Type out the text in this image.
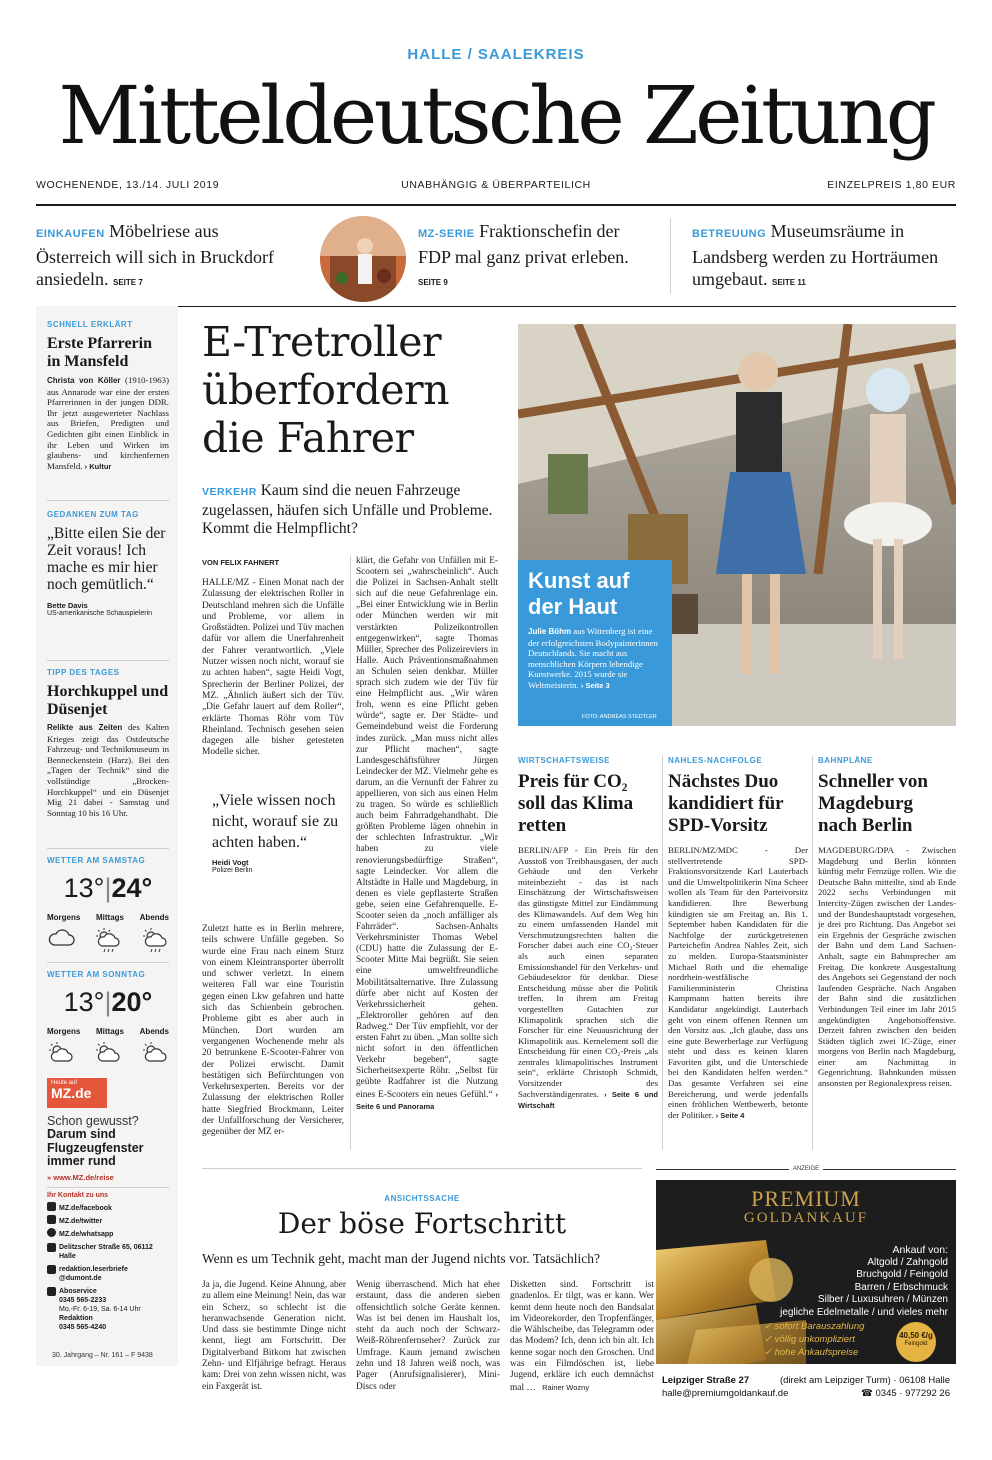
HALLE / SAALEKREIS
Mitteldeutsche Zeitung
WOCHENENDE, 13./14. JULI 2019	UNABHÄNGIG & ÜBERPARTEILICH	EINZELPREIS 1,80 EUR
EINKAUFEN Möbelriese aus Österreich will sich in Bruckdorf ansiedeln. SEITE 7
MZ-SERIE Fraktionschefin der FDP mal ganz privat erleben. SEITE 9
BETREUUNG Museumsräume in Landsberg werden zu Horträumen umgebaut. SEITE 11
SCHNELL ERKLÄRT
Erste Pfarrerin in Mansfeld
Christa von Köller (1910-1963) aus Annarode war eine der ersten Pfarrerinnen in der jungen DDR. Ihr jetzt ausgewerteter Nachlass aus Briefen, Predigten und Gedichten gibt einen Einblick in ihr Leben und Wirken im glaubens- und kirchenfernen Mansfeld. › Kultur
GEDANKEN ZUM TAG
„Bitte eilen Sie der Zeit voraus! Ich mache es mir hier noch gemütlich.“
Bette Davis
US-amerikanische Schauspielerin
TIPP DES TAGES
Horchkuppel und Düsenjet
Relikte aus Zeiten des Kalten Krieges zeigt das Ostdeutsche Fahrzeug- und Technikmuseum in Benneckenstein (Harz). Bei den „Tagen der Technik“ sind die vollständige „Brocken-Horchkuppel“ und ein Düsenjet Mig 21 dabei - Samstag und Sonntag 10 bis 16 Uhr.
WETTER AM SAMSTAG
13°|24°
Morgens Mittags Abends
WETTER AM SONNTAG
13°|20°
Morgens Mittags Abends
Heute auf
MZ.de
Schon gewusst?
Darum sind Flugzeugfenster immer rund
» www.MZ.de/reise
Ihr Kontakt zu uns
MZ.de/facebook
MZ.de/twitter
MZ.de/whatsapp
Delitzscher Straße 65, 06112 Halle
redaktion.leserbriefe @dumont.de
Aboservice
0345 565-2233
Mo.-Fr. 6-19, Sa. 6-14 Uhr
Redaktion
0345 565-4240
30. Jahrgang – Nr. 161 – F 9438
E-Tretroller überfordern die Fahrer
VERKEHR Kaum sind die neuen Fahrzeuge zugelassen, häufen sich Unfälle und Probleme. Kommt die Helmpflicht?
VON FELIX FAHNERT
HALLE/MZ - Einen Monat nach der Zulassung der elektrischen Roller in Deutschland mehren sich die Unfälle und Probleme, vor allem in Großstädten. Polizei und Tüv machen dafür vor allem die Unerfahrenheit der Fahrer verantwortlich. „Viele Nutzer wissen noch nicht, worauf sie zu achten haben“, sagte Heidi Vogt, Sprecherin der Berliner Polizei, der MZ. „Ähnlich äußert sich der Tüv. „Die Gefahr lauert auf dem Roller“, erklärte Thomas Röhr vom Tüv Rheinland. Technisch gesehen seien dagegen alle bisher getesteten Modelle sicher.
„Viele wissen noch nicht, worauf sie zu achten haben.“
Heidi Vogt
Polizei Berlin
Zuletzt hatte es in Berlin mehrere, teils schwere Unfälle gegeben. So wurde eine Frau nach einem Sturz von einem Kleintransporter überrollt und schwer verletzt. In einem weiteren Fall war eine Touristin gegen einen Lkw gefahren und hatte sich das Schienbein gebrochen. Probleme gibt es aber auch in München. Dort wurden am vergangenen Wochenende mehr als 20 betrunkene E-Scooter-Fahrer von der Polizei erwischt. Damit bestätigen sich Befürchtungen von Verkehrsexperten. Bereits vor der Zulassung der elektrischen Roller hatte Siegfried Brockmann, Leiter der Unfallforschung der Versicherer, gegenüber der MZ er-
klärt, die Gefahr von Unfällen mit E-Scootern sei „wahrscheinlich“. Auch die Polizei in Sachsen-Anhalt stellt sich auf die neue Gefahrenlage ein. „Bei einer Entwicklung wie in Berlin oder München werden wir mit verstärkten Polizeikontrollen entgegenwirken“, sagte Thomas Müller, Sprecher des Polizeireviers in Halle. Auch Präventionsmaßnahmen an Schulen seien denkbar. Müller sprach sich zudem wie der Tüv für eine Helmpflicht aus. „Wir wären froh, wenn es eine Pflicht geben würde“, sagte er. Der Städte- und Gemeindebund weist die Forderung indes zurück. „Man muss nicht alles zur Pflicht machen“, sagte Landesgeschäftsführer Jürgen Leindecker der MZ. Vielmehr gehe es darum, an die Vernunft der Fahrer zu appellieren, von sich aus einen Helm zu tragen. So würde es schließlich auch beim Fahrradgehandhabt. Die größten Probleme lägen ohnehin in der schlechten Infrastruktur. „Wir haben zu viele renovierungsbedürftige Straßen“, sagte Leindecker. Vor allem die Altstädte in Halle und Magdeburg, in denen es viele gepflasterte Straßen gebe, seien eine Gefahrenquelle. E-Scooter seien da „noch anfälliger als Fahrräder“. Sachsen-Anhalts Verkehrsminister Thomas Webel (CDU) hatte die Zulassung der E-Scooter Mitte Mai begrüßt. Sie seien eine umweltfreundliche Mobilitätsalternative. Ihre Zulassung dürfe aber nicht auf Kosten der Verkehrssicherheit gehen. „Elektroroller gehören auf den Radweg.“ Der Tüv empfiehlt, vor der ersten Fahrt zu üben. „Man sollte sich nicht sofort in den öffentlichen Verkehr begeben“, sagte Sicherheitsexperte Röhr. „Selbst für geübte Radfahrer ist die Nutzung eines E-Scooters ein neues Gefühl.“ › Seite 6 und Panorama
Kunst auf der Haut
Julie Böhm aus Wittenberg ist eine der erfolgreichsten Bodypainterinnen Deutschlands. Sie macht aus menschlichen Körpern lebendige Kunstwerke. 2015 wurde sie Weltmeisterin. › Seite 3
FOTO: ANDREAS STEDTLER
WIRTSCHAFTSWEISE
Preis für CO₂ soll das Klima retten
BERLIN/AFP - Ein Preis für den Ausstoß von Treibhausgasen, der auch Gebäude und den Verkehr miteinbezieht - das ist nach Einschätzung der Wirtschaftsweisen das günstigste Mittel zur Eindämmung des Klimawandels. Auf dem Weg hin zu einem umfassenden Handel mit Verschmutzungsrechten halten die Forscher dabei auch eine CO₂-Steuer als auch einen separaten Emissionshandel für den Verkehrs- und Gebäudesektor für denkbar. Diese Entscheidung müsse aber die Politik treffen. In ihrem am Freitag vorgestellten Gutachten zur Klimapolitik sprachen sich die Forscher für eine Neuausrichtung der Klimapolitik aus. Kernelement soll die Entscheidung für einen CO₂-Preis „als zentrales klimapolitisches Instrument sein“, erklärte Christoph Schmidt, Vorsitzender des Sachverständigenrates. › Seite 6 und Wirtschaft
NAHLES-NACHFOLGE
Nächstes Duo kandidiert für SPD-Vorsitz
BERLIN/MZ/MDC - Der stellvertretende SPD-Fraktionsvorsitzende Karl Lauterbach und die Umweltpolitikerin Nina Scheer wollen als Team für den Parteivorsitz kandidieren. Ihre Bewerbung kündigten sie am Freitag an. Bis 1. September haben Kandidaten für die Nachfolge der zurückgetretenen Parteichefin Andrea Nahles Zeit, sich zu melden. Europa-Staatsminister Michael Roth und die ehemalige nordrhein-westfälische Familienministerin Christina Kampmann hatten bereits ihre Kandidatur angekündigt. Lauterbach geht von einem offenen Rennen um den Vorsitz aus. „Ich glaube, dass uns eine gute Bewerberlage zur Verfügung steht und dass es keinen klaren Favoriten gibt, und die Unterschiede bei den Kandidaten helfen werden.“ Das gesamte Verfahren sei eine Bereicherung, und werde jedenfalls einen fröhlichen Wettbewerb, betonte der Politiker. › Seite 4
BAHNPLÄNE
Schneller von Magdeburg nach Berlin
MAGDEBURG/DPA - Zwischen Magdeburg und Berlin könnten künftig mehr Fernzüge rollen. Wie die Deutsche Bahn mitteilte, sind ab Ende 2022 sechs Verbindungen mit Intercity-Zügen zwischen der Landes- und der Bundeshauptstadt vorgesehen, je drei pro Richtung. Das Angebot sei ein Ergebnis der Gespräche zwischen der Bahn und dem Land Sachsen-Anhalt, sagte ein Bahnsprecher am Freitag. Die konkrete Ausgestaltung des Angebots sei Gegenstand der noch laufenden Gespräche. Nach Angaben der Bahn sind die zusätzlichen Verbindungen Teil einer im Jahr 2015 angekündigten Angebotsoffensive. Derzeit fahren zwischen den beiden Städten täglich zwei IC-Züge, einer morgens von Berlin nach Magdeburg, einer am Nachmittag in Gegenrichtung. Bahnkunden müssen ansonsten per Regionalexpress reisen.
ANSICHTSSACHE
Der böse Fortschritt
Wenn es um Technik geht, macht man der Jugend nichts vor. Tatsächlich?
Ja ja, die Jugend. Keine Ahnung, aber zu allem eine Meinung! Nein, das war ein Scherz, so schlecht ist die heranwachsende Generation nicht. Und dass sie bestimmte Dinge nicht kennt, liegt am Fortschritt. Der Digitalverband Bitkom hat zwischen Zehn- und Elfjährige befragt. Heraus kam: Drei von zehn wissen nicht, was ein Faxgerät ist.
Wenig überraschend. Mich hat eher erstaunt, dass die anderen sieben offensichtlich solche Geräte kennen. Was ist bei denen im Haushalt los, steht da auch noch der Schwarz-Weiß-Röhrenfernseher? Zurück zur Umfrage. Kaum jemand zwischen zehn und 18 Jahren weiß noch, was Pager (Anrufsignalisierer), Mini-Discs oder
Disketten sind. Fortschritt ist gnadenlos. Er tilgt, was er kann. Wer kennt denn heute noch den Bandsalat im Videorekorder, den Tropfenfänger, die Wählscheibe, das Telegramm oder das Modem? Ich, denn ich bin alt. Ich kenne sogar noch den Groschen. Und was ein Filmdöschen ist, liebe Jugend, erkläre ich euch demnächst mal … Rainer Wozny
ANZEIGE
PREMIUM
GOLDANKAUF
Ankauf von:
Altgold / Zahngold
Bruchgold / Feingold
Barren / Erbschmuck
Silber / Luxusuhren / Münzen
jegliche Edelmetalle / und vieles mehr
✓ sofort Barauszahlung
✓ völlig unkompliziert
✓ hohe Ankaufspreise
40,50 €/g
Feingold
Leipziger Straße 27	(direkt am Leipziger Turm) · 06108 Halle
halle@premiumgoldankauf.de	☎ 0345 · 977292 26
